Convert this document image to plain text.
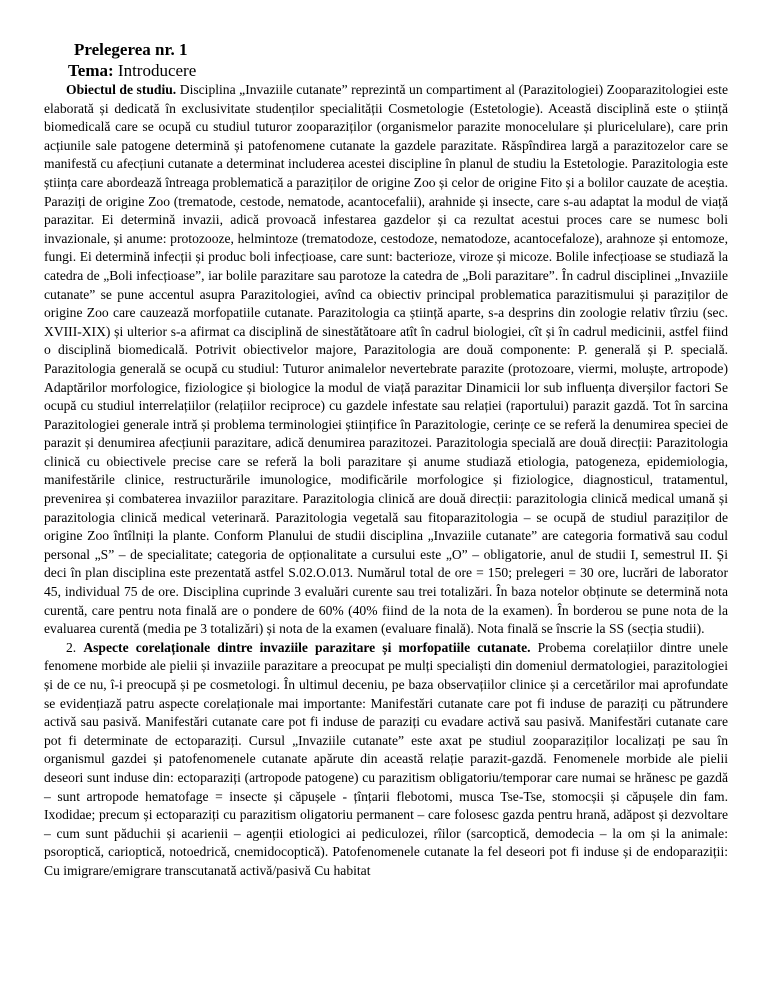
Prelegerea nr. 1
Tema: Introducere

Obiectul de studiu. Disciplina „Invaziile cutanate” reprezintă un compartiment al (Parazitologiei) Zooparazitologiei este elaborată și dedicată în exclusivitate studenților specialității Cosmetologie (Estetologie). Această disciplină este o știință biomedicală care se ocupă cu studiul tuturor zooparaziților (organismelor parazite monocelulare și pluricelulare), care prin acțiunile sale patogene determină și patofenomene cutanate la gazdele parazitate. Răspîndirea largă a parazitozelor care se manifestă cu afecțiuni cutanate a determinat includerea acestei discipline în planul de studiu la Estetologie. Parazitologia este știința care abordează întreaga problematică a paraziților de origine Zoo și celor de origine Fito și a bolilor cauzate de aceștia. Paraziți de origine Zoo (trematode, cestode, nematode, acantocefalii), arahnide și insecte, care s-au adaptat la modul de viață parazitar. Ei determină invazii, adică provoacă infestarea gazdelor și ca rezultat acestui proces care se numesc boli invazionale, și anume: protozooze, helmintoze (trematodoze, cestodoze, nematodoze, acantocefaloze), arahnoze și entomoze, fungi. Ei determină infecții și produc boli infecțioase, care sunt: bacterioze, viroze și micoze. Bolile infecțioase se studiază la catedra de „Boli infecțioase”, iar bolile parazitare sau parotoze la catedra de „Boli parazitare”. În cadrul disciplinei „Invaziile cutanate” se pune accentul asupra Parazitologiei, avînd ca obiectiv principal problematica parazitismului și paraziților de origine Zoo care cauzează morfopatiile cutanate. Parazitologia ca știință aparte, s-a desprins din zoologie relativ tîrziu (sec. XVIII-XIX) și ulterior s-a afirmat ca disciplină de sinestătătoare atît în cadrul biologiei, cît și în cadrul medicinii, astfel fiind o disciplină biomedicală. Potrivit obiectivelor majore, Parazitologia are două componente: P. generală și P. specială. Parazitologia generală se ocupă cu studiul: Tuturor animalelor nevertebrate parazite (protozoare, viermi, moluște, artropode) Adaptărilor morfologice, fiziologice și biologice la modul de viață parazitar Dinamicii lor sub influența diverșilor factori Se ocupă cu studiul interrelațiilor (relațiilor reciproce) cu gazdele infestate sau relației (raportului) parazit gazdă. Tot în sarcina Parazitologiei generale intră și problema terminologiei științifice în Parazitologie, cerințe ce se referă la denumirea speciei de parazit și denumirea afecțiunii parazitare, adică denumirea parazitozei. Parazitologia specială are două direcții: Parazitologia clinică cu obiectivele precise care se referă la boli parazitare și anume studiază etiologia, patogeneza, epidemiologia, manifestările clinice, restructurările imunologice, modificările morfologice și fiziologice, diagnosticul, tratamentul, prevenirea și combaterea invaziilor parazitare. Parazitologia clinică are două direcții: parazitologia clinică medical umană și parazitologia clinică medical veterinară. Parazitologia vegetală sau fitoparazitologia – se ocupă de studiul paraziților de origine Zoo întîlniți la plante. Conform Planului de studii disciplina „Invaziile cutanate” are categoria formativă sau codul personal „S” – de specialitate; categoria de opționalitate a cursului este „O” – obligatorie, anul de studii I, semestrul II. Și deci în plan disciplina este prezentată astfel S.02.O.013. Numărul total de ore = 150; prelegeri = 30 ore, lucrări de laborator 45, individual 75 de ore. Disciplina cuprinde 3 evaluări curente sau trei totalizări. În baza notelor obținute se determină nota curentă, care pentru nota finală are o pondere de 60% (40% fiind de la nota de la examen). În borderou se pune nota de la evaluarea curentă (media pe 3 totalizări) și nota de la examen (evaluare finală). Nota finală se înscrie la SS (secția studii).

2. Aspecte corelaționale dintre invaziile parazitare și morfopatiile cutanate. Probema corelațiilor dintre unele fenomene morbide ale pielii și invaziile parazitare a preocupat pe mulți specialiști din domeniul dermatologiei, parazitologiei și de ce nu, î-i preocupă și pe cosmetologi. În ultimul deceniu, pe baza observațiilor clinice și a cercetărilor mai aprofundate se evidențiază patru aspecte corelaționale mai importante: Manifestări cutanate care pot fi induse de paraziți cu pătrundere activă sau pasivă. Manifestări cutanate care pot fi induse de paraziți cu evadare activă sau pasivă. Manifestări cutanate care pot fi determinate de ectoparaziți. Cursul „Invaziile cutanate” este axat pe studiul zooparaziților localizați pe sau în organismul gazdei și patofenomenele cutanate apărute din această relație parazit-gazdă. Fenomenele morbide ale pielii deseori sunt induse din: ectoparaziți (artropode patogene) cu parazitism obligatoriu/temporar care numai se hrănesc pe gazdă – sunt artropode hematofage = insecte și căpușele - țînțarii flebotomi, musca Tse-Tse, stomocșii și căpușele din fam. Ixodidae; precum și ectoparaziți cu parazitism oligatoriu permanent – care folosesc gazda pentru hrană, adăpost și dezvoltare – cum sunt păduchii și acarienii – agenții etiologici ai pediculozei, rîilor (sarcoptică, demodecia – la om și la animale: psoroptică, carioptică, notoedrică, cnemidocoptică). Patofenomenele cutanate la fel deseori pot fi induse și de endoparaziții: Cu imigrare/emigrare transcutanată activă/pasivă Cu habitat
